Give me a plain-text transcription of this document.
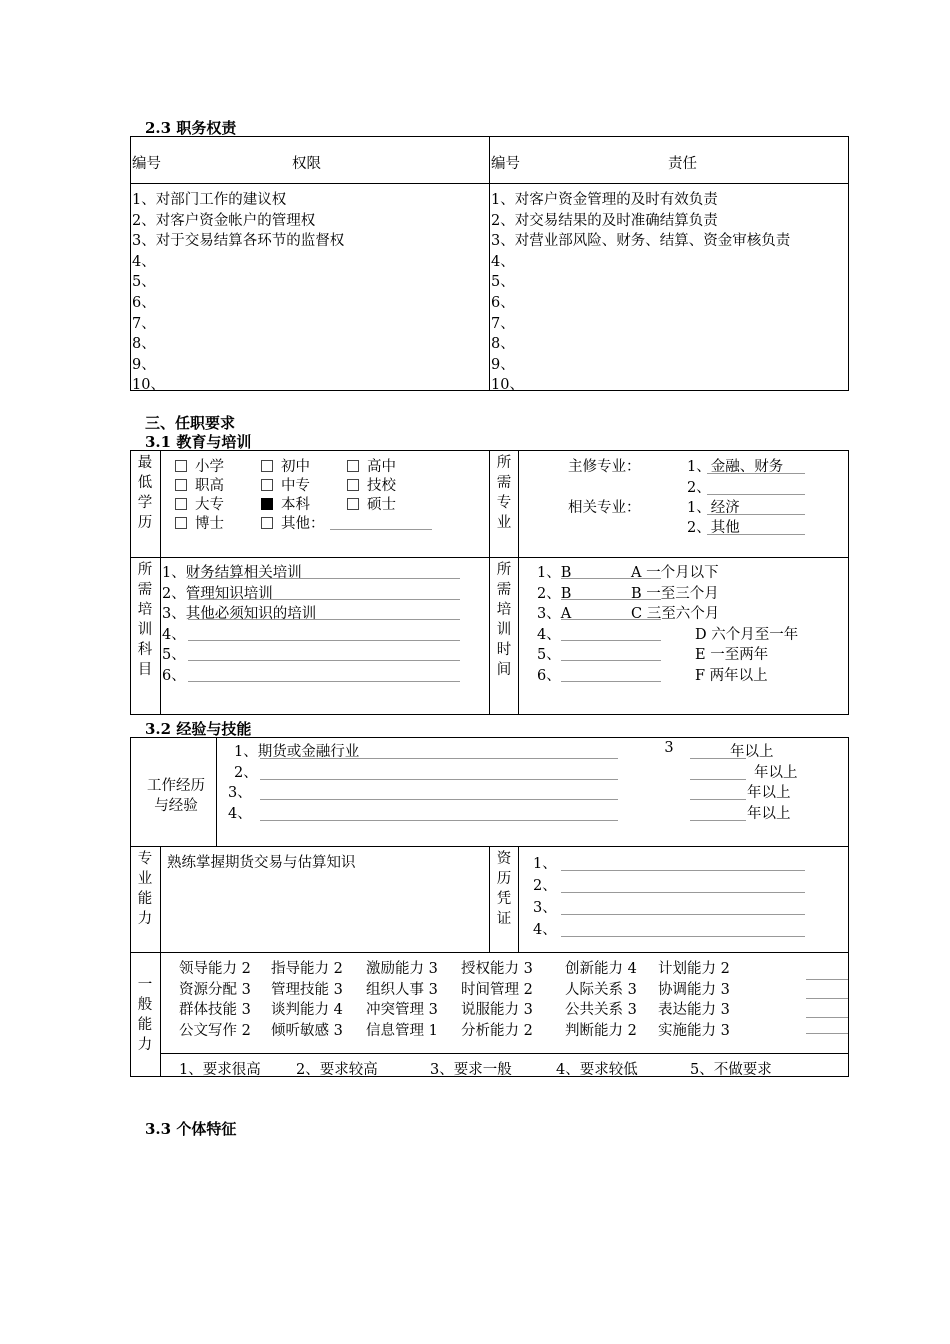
2.3 职务权责
编号	权限	编号	责任
1、对部门工作的建议权	1、对客户资金管理的及时有效负责
2、对客户资金帐户的管理权	2、对交易结果的及时准确结算负责
3、对于交易结算各环节的监督权	3、对营业部风险、财务、结算、资金审核负责
4、	4、
5、	5、
6、	6、
7、	7、
8、	8、
9、	9、
10、	10、
三、任职要求
3.1 教育与培训
最低学历
小学	初中	高中
职高	中专	技校
大专	本科	硕士
博士	其他：
所需专业
主修专业：	1、金融、财务
2、
相关专业：	1、经济
2、其他
所需培训科目
1、财务结算相关培训
2、管理知识培训
3、其他必须知识的培训
4、
5、
6、
所需培训时间
1、B	A 一个月以下
2、B	B 一至三个月
3、A	C 三至六个月
4、	D 六个月至一年
5、	E 一至两年
6、	F 两年以上
3.2 经验与技能
工作经历与经验
1、期货或金融行业	3	年以上
2、	年以上
3、	年以上
4、	年以上
专业能力
熟练掌握期货交易与估算知识	资历凭证
1、
2、
3、
4、
一般能力
领导能力 2 指导能力 2 激励能力 3 授权能力 3 创新能力 4 计划能力 2
资源分配 3 管理技能 3 组织人事 3 时间管理 2 人际关系 3 协调能力 3
群体技能 3 谈判能力 4 冲突管理 3 说服能力 3 公共关系 3 表达能力 3
公文写作 2 倾听敏感 3 信息管理 1 分析能力 2 判断能力 2 实施能力 3
1、要求很高 2、要求较高	3、要求一般	4、要求较低	5、不做要求
3.3 个体特征
